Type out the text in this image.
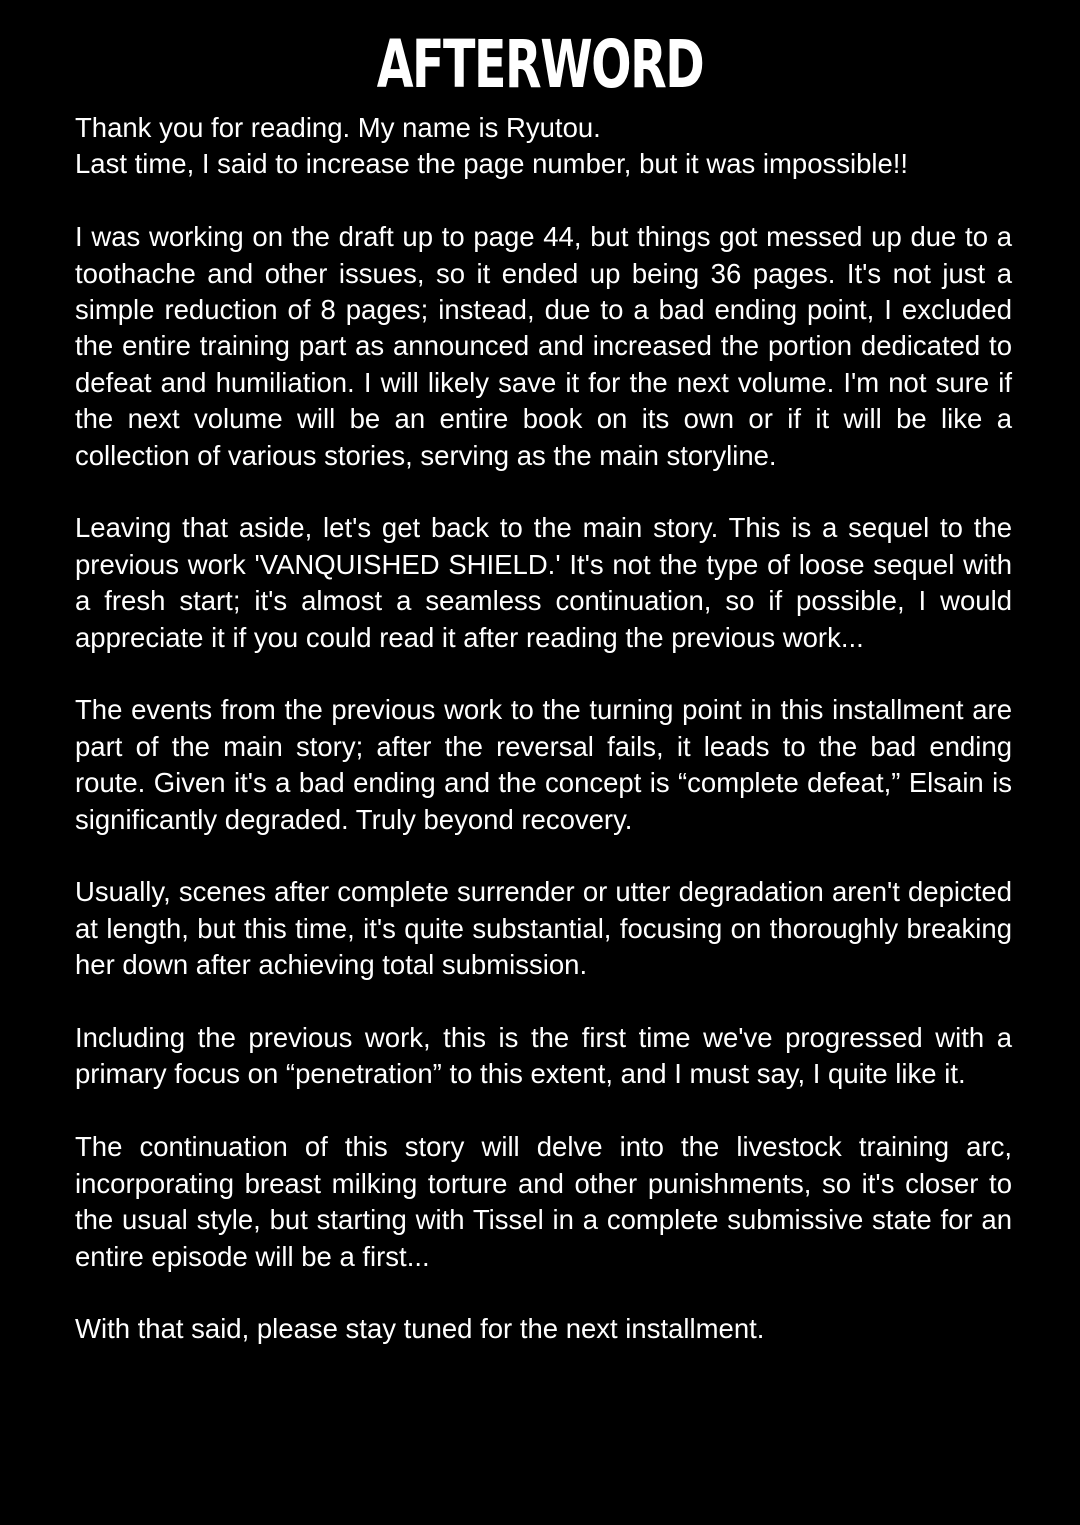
AFTERWORD

Thank you for reading. My name is Ryutou.
Last time, I said to increase the page number, but it was impossible!!

I was working on the draft up to page 44, but things got messed up due to a toothache and other issues, so it ended up being 36 pages. It's not just a simple reduction of 8 pages; instead, due to a bad ending point, I excluded the entire training part as announced and increased the portion dedicated to defeat and humiliation. I will likely save it for the next volume. I'm not sure if the next volume will be an entire book on its own or if it will be like a collection of various stories, serving as the main storyline.

Leaving that aside, let's get back to the main story. This is a sequel to the previous work 'VANQUISHED SHIELD.' It's not the type of loose sequel with a fresh start; it's almost a seamless continuation, so if possible, I would appreciate it if you could read it after reading the previous work...

The events from the previous work to the turning point in this installment are part of the main story; after the reversal fails, it leads to the bad ending route. Given it's a bad ending and the concept is “complete defeat,” Elsain is significantly degraded. Truly beyond recovery.

Usually, scenes after complete surrender or utter degradation aren't depicted at length, but this time, it's quite substantial, focusing on thoroughly breaking her down after achieving total submission.

Including the previous work, this is the first time we've progressed with a primary focus on “penetration” to this extent, and I must say, I quite like it.

The continuation of this story will delve into the livestock training arc, incorporating breast milking torture and other punishments, so it's closer to the usual style, but starting with Tissel in a complete submissive state for an entire episode will be a first...

With that said, please stay tuned for the next installment.
